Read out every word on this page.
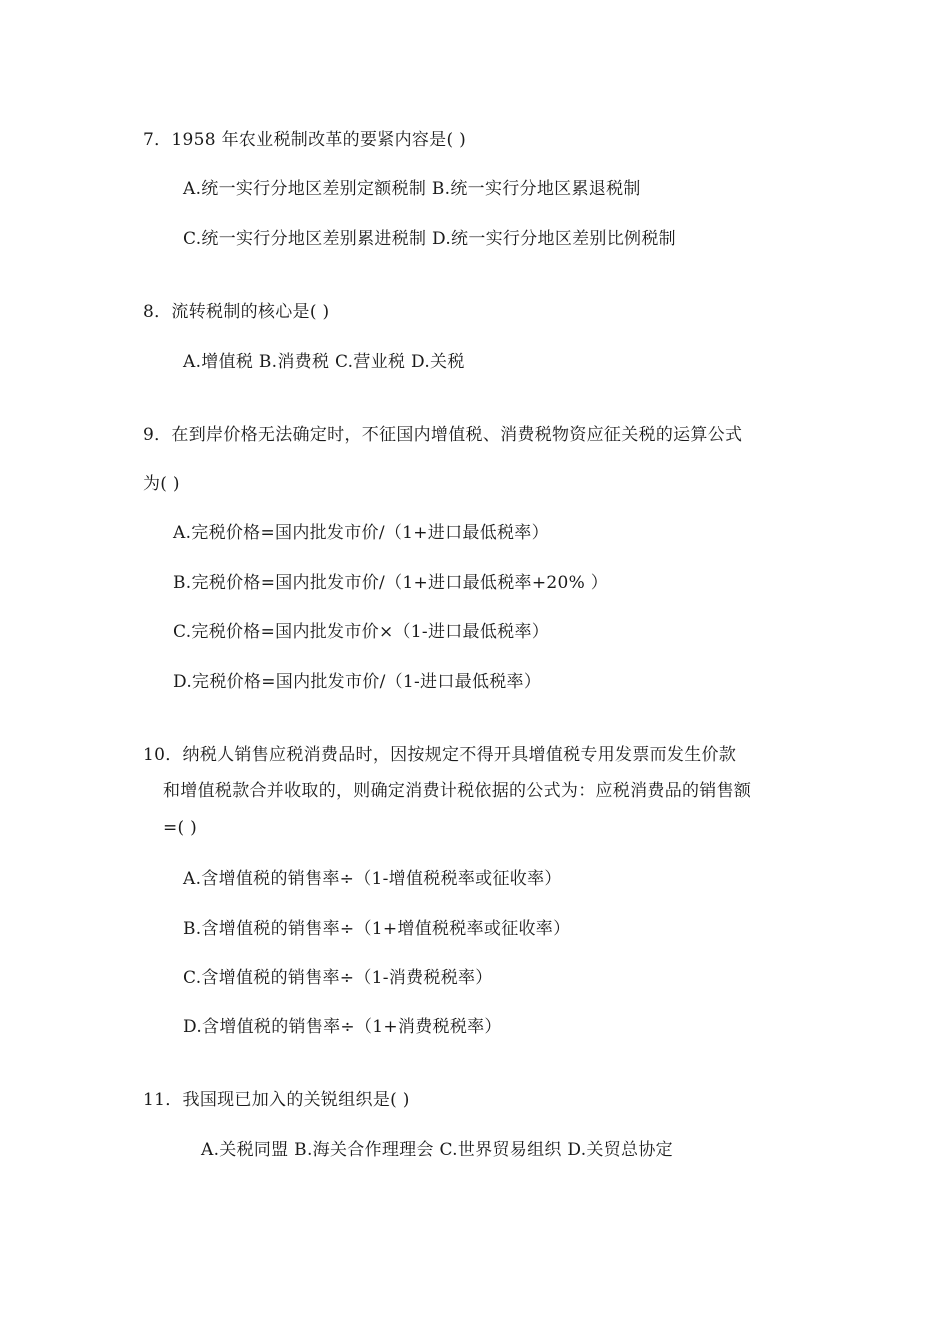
7．1958 年农业税制改革的要紧内容是( )
A.统一实行分地区差别定额税制 B.统一实行分地区累退税制
C.统一实行分地区差别累进税制 D.统一实行分地区差别比例税制
8．流转税制的核心是( )
A.增值税 B.消费税 C.营业税 D.关税
9．在到岸价格无法确定时，不征国内增值税、消费税物资应征关税的运算公式
为( )
A.完税价格=国内批发市价/（1+进口最低税率）
B.完税价格=国内批发市价/（1+进口最低税率+20% ）
C.完税价格=国内批发市价×（1-进口最低税率）
D.完税价格=国内批发市价/（1-进口最低税率）
10．纳税人销售应税消费品时，因按规定不得开具增值税专用发票而发生价款
和增值税款合并收取的，则确定消费计税依据的公式为：应税消费品的销售额
=( )
A.含增值税的销售率÷（1-增值税税率或征收率）
B.含增值税的销售率÷（1+增值税税率或征收率）
C.含增值税的销售率÷（1-消费税税率）
D.含增值税的销售率÷（1+消费税税率）
11．我国现已加入的关锐组织是( )
A.关税同盟 B.海关合作理理会 C.世界贸易组织 D.关贸总协定
